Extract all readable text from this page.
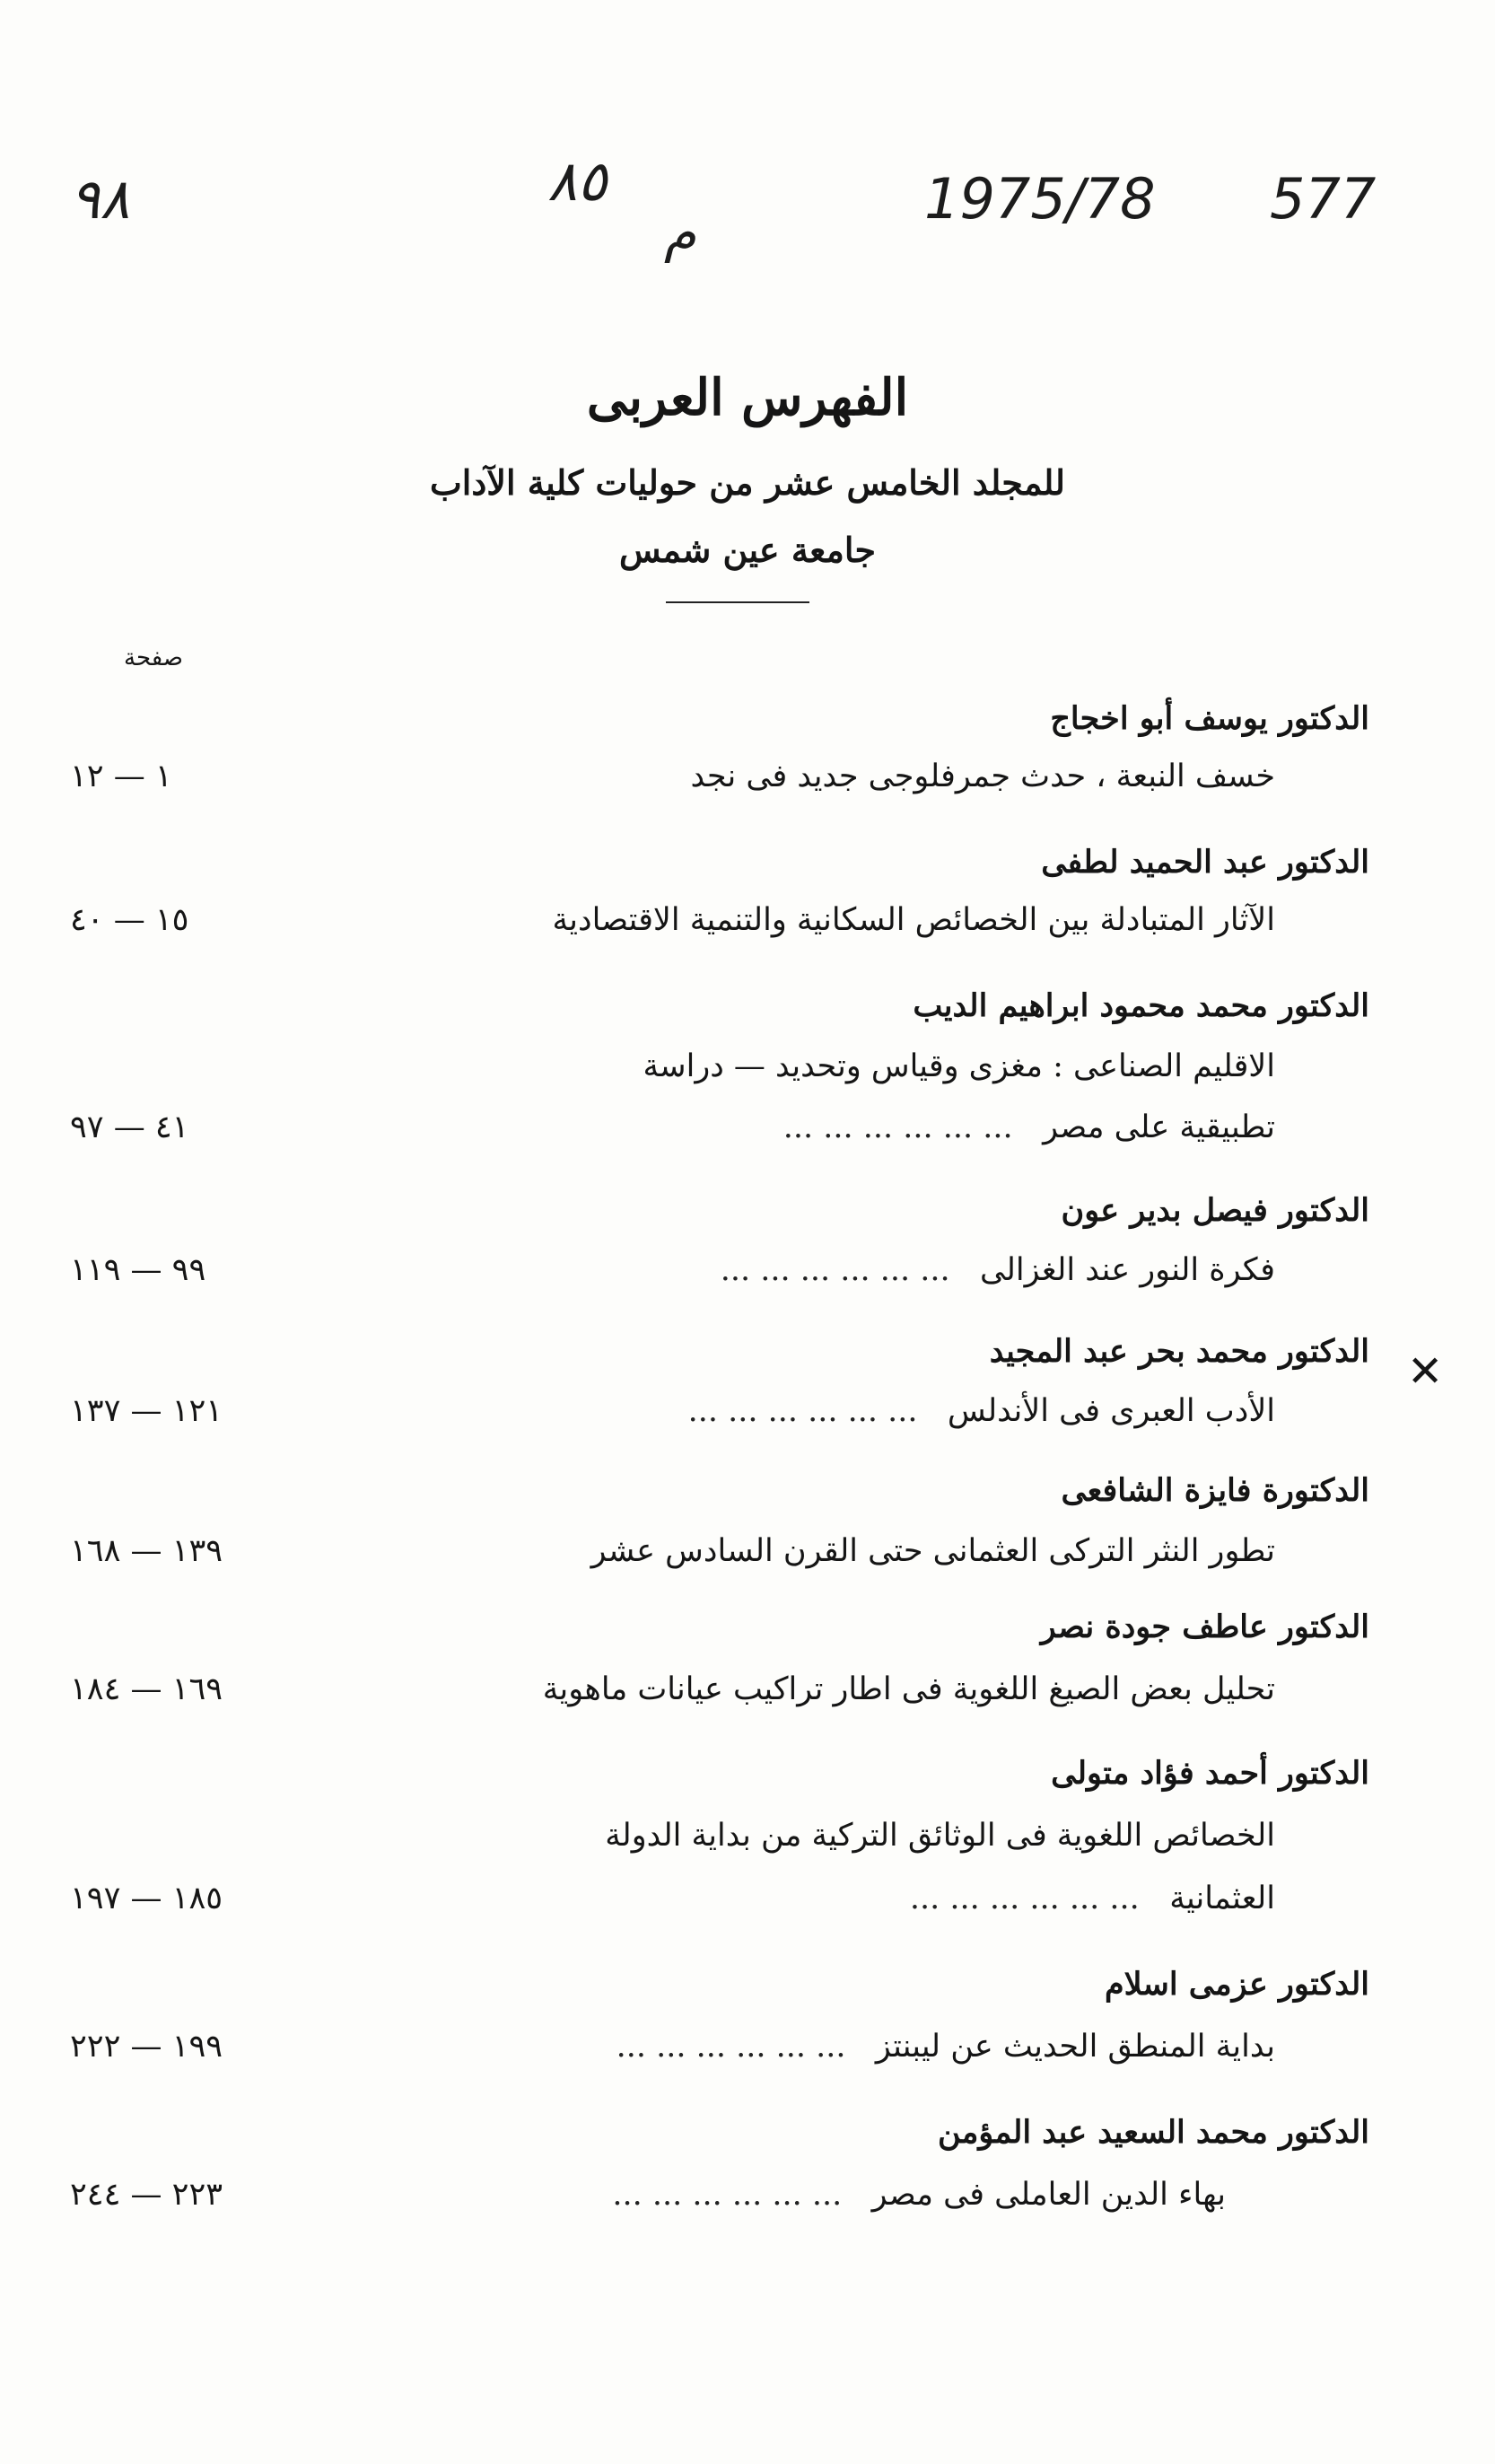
٩٨	٨٥
م
1975/78 577
الفهرس العربى
للمجلد الخامس عشر من حوليات كلية الآداب
جامعة عين شمس
صفحة
الدكتور يوسف أبو اخجاج
خسف النبعة ، حدث جمرفلوجى جديد فى نجد
١ — ١٢
الدكتور عبد الحميد لطفى
الآثار المتبادلة بين الخصائص السكانية والتنمية الاقتصادية
١٥ — ٤٠
الدكتور محمد محمود ابراهيم الديب
الاقليم الصناعى : مغزى وقياس وتحديد — دراسة
تطبيقية على مصر   ... ... ... ... ... ...
٤١ — ٩٧
الدكتور فيصل بدير عون
فكرة النور عند الغزالى   ... ... ... ... ... ...
٩٩ — ١١٩
الدكتور محمد بحر عبد المجيد
الأدب العبرى فى الأندلس   ... ... ... ... ... ...
١٢١ — ١٣٧
✕
الدكتورة فايزة الشافعى
تطور النثر التركى العثمانى حتى القرن السادس عشر
١٣٩ — ١٦٨
الدكتور عاطف جودة نصر
تحليل بعض الصيغ اللغوية فى اطار تراكيب عيانات ماهوية
١٦٩ — ١٨٤
الدكتور أحمد فؤاد متولى
الخصائص اللغوية فى الوثائق التركية من بداية الدولة
العثمانية   ... ... ... ... ... ...
١٨٥ — ١٩٧
الدكتور عزمى اسلام
بداية المنطق الحديث عن ليبنتز   ... ... ... ... ... ...
١٩٩ — ٢٢٢
الدكتور محمد السعيد عبد المؤمن
بهاء الدين العاملى فى مصر   ... ... ... ... ... ...
٢٢٣ — ٢٤٤
